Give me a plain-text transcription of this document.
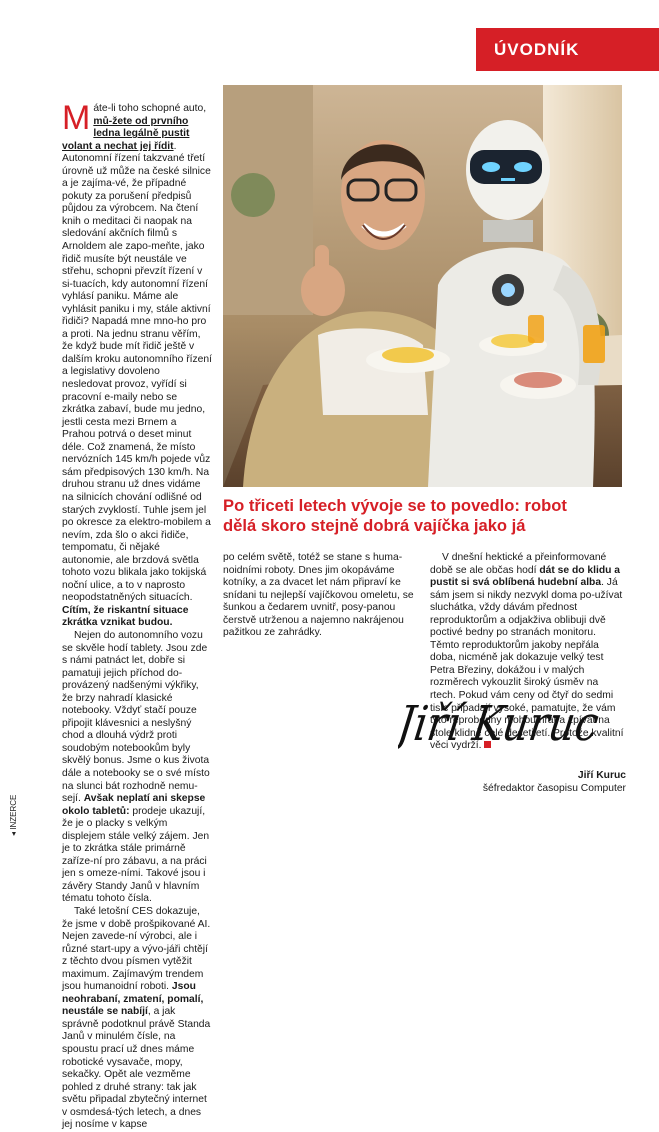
ÚVODNÍK

Máte-li toho schopné auto, mů-žete od prvního ledna legálně pustit volant a nechat jej řídit. Autonomní řízení takzvané třetí úrovně už může na české silnice a je zajíma-vé, že případné pokuty za porušení předpisů půjdou za výrobcem. Na čtení knih o meditaci či naopak na sledování akčních filmů s Arnoldem ale zapo-meňte, jako řidič musíte být neustále ve střehu, schopni převzít řízení v si-tuacích, kdy autonomní řízení vyhlásí paniku. Máme ale vyhlásit paniku i my, stále aktivní řidiči? Napadá mne mno-ho pro a proti. Na jednu stranu věřím, že když bude mít řidič ještě v dalším kroku autonomního řízení a legislativy dovoleno nesledovat provoz, vyřídí si pracovní e-maily nebo se zkrátka zabaví, bude mu jedno, jestli cesta mezi Brnem a Prahou potrvá o deset minut déle. Což znamená, že místo nervózních 145 km/h pojede vůz sám předpisových 130 km/h. Na druhou stranu už dnes vidáme na silnicích chování odlišné od starých zvyklostí. Tuhle jsem jel po okresce za elektro-mobilem a nevím, zda šlo o akci řidiče, tempomatu, či nějaké autonomie, ale brzdová světla tohoto vozu blikala jako tokijská noční ulice, a to v naprosto neopodstatněných situacích. Cítím, že riskantní situace zkrátka vznikat budou.

Nejen do autonomního vozu se skvěle hodí tablety. Jsou zde s námi patnáct let, dobře si pamatuji jejich příchod do-provázený nadšenými výkřiky, že brzy nahradí klasické notebooky. Vždyť stačí pouze připojit klávesnici a neslyšný chod a dlouhá výdrž proti soudobým notebookům byly skvělý bonus. Jsme o kus života dále a notebooky se o své místo na slunci bát rozhodně nemu-sejí. Avšak neplatí ani skepse okolo tabletů: prodeje ukazují, že je o placky s velkým displejem stále velký zájem. Jen je to zkrátka stále primárně zaříze-ní pro zábavu, a na práci jen s omeze-ními. Takové jsou i závěry Standy Janů v hlavním tématu tohoto čísla.

Také letošní CES dokazuje, že jsme v době prošpikované AI. Nejen zavede-ní výrobci, ale i různé start-upy a vývo-jáři chtějí z těchto dvou písmen vytěžit maximum. Zajímavým trendem jsou humanoidní roboti. Jsou neohrabaní, zmatení, pomalí, neustále se nabíjí, a jak správně podotknul právě Standa Janů v minulém čísle, na spoustu prací už dnes máme robotické vysavače, mopy, sekačky. Opět ale vezměme pohled z druhé strany: tak jak světu připadal zbytečný internet v osmdesá-tých letech, a dnes jej nosíme v kapse

Po třiceti letech vývoje se to povedlo: robot
dělá skoro stejně dobrá vajíčka jako já

po celém světě, totéž se stane s huma-noidními roboty. Dnes jim okopáváme kotníky, a za dvacet let nám připraví ke snídani tu nejlepší vajíčkovou omeletu, se šunkou a čedarem uvnitř, posy-panou čerstvě utrženou a najemno nakrájenou pažitkou ze zahrádky.

V dnešní hektické a přeinformované době se ale občas hodí dát se do klidu a pustit si svá oblíbená hudební alba. Já sám jsem si nikdy nezvykl doma po-užívat sluchátka, vždy dávám přednost reproduktorům a odjakživa oblibuji dvě poctivé bedny po stranách monitoru. Těmto reproduktorům jakoby nepřála doba, nicméně jak dokazuje velký test Petra Březiny, dokážou i v malých rozměrech vykouzlit široký úsměv na rtech. Pokud vám ceny od čtyř do sedmi tisíc připadají vysoké, pamatujte, že vám tyto reprobedny mohou hrát a zpívat na stole klidně celé desetiletí. Protože kvalitní věci vydrží.

Jiří Kuruc
Jiří Kuruc
šéfredaktor časopisu Computer
◂ INZERCE
